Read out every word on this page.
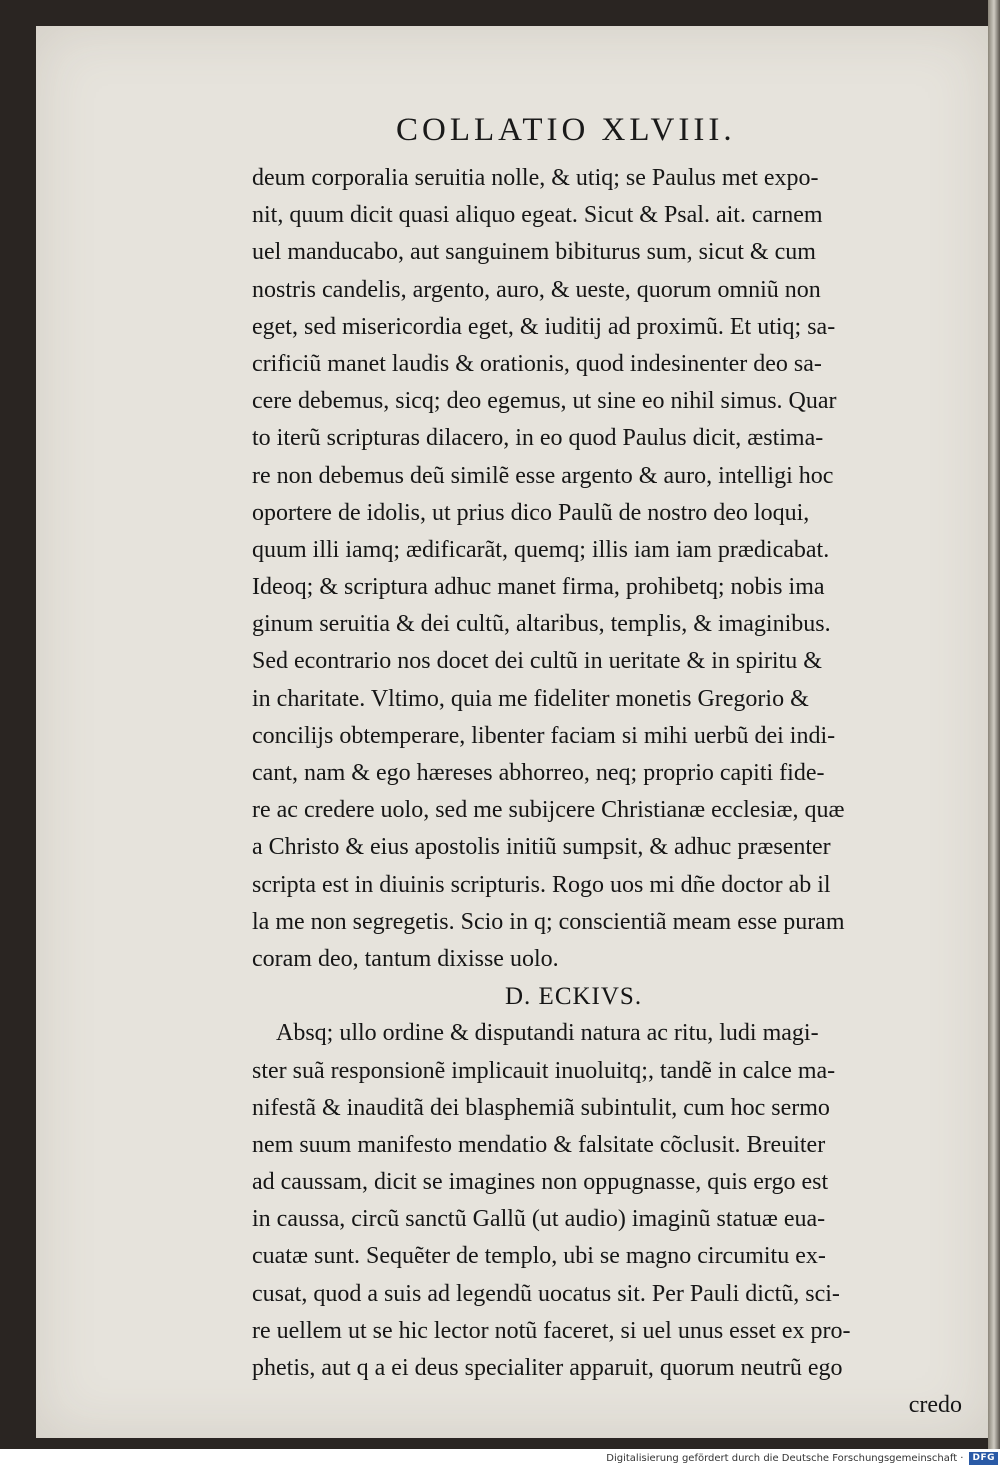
COLLATIO XLVIII.
deum corporalia seruitia nolle, & utiq; se Paulus met expo-
nit, quum dicit quasi aliquo egeat. Sicut & Psal. ait. carnem
uel manducabo, aut sanguinem bibiturus sum, sicut & cum
nostris candelis, argento, auro, & ueste, quorum omniũ non
eget, sed misericordia eget, & iuditij ad proximũ. Et utiq; sa-
crificiũ manet laudis & orationis, quod indesinenter deo sa-
cere debemus, sicq; deo egemus, ut sine eo nihil simus. Quar
to iterũ scripturas dilacero, in eo quod Paulus dicit, æstima-
re non debemus deũ similẽ esse argento & auro, intelligi hoc
oportere de idolis, ut prius dico Paulũ de nostro deo loqui,
quum illi iamq; ædificarãt, quemq; illis iam iam prædicabat.
Ideoq; & scriptura adhuc manet firma, prohibetq; nobis ima
ginum seruitia & dei cultũ, altaribus, templis, & imaginibus.
Sed econtrario nos docet dei cultũ in ueritate & in spiritu &
in charitate. Vltimo, quia me fideliter monetis Gregorio &
concilijs obtemperare, libenter faciam si mihi uerbũ dei indi-
cant, nam & ego hæreses abhorreo, neq; proprio capiti fide-
re ac credere uolo, sed me subijcere Christianæ ecclesiæ, quæ
a Christo & eius apostolis initiũ sumpsit, & adhuc præsenter
scripta est in diuinis scripturis. Rogo uos mi dñe doctor ab il
la me non segregetis. Scio in q; conscientiã meam esse puram
coram deo, tantum dixisse uolo.
D. ECKIVS.
Absq; ullo ordine & disputandi natura ac ritu, ludi magi-
ster suã responsionẽ implicauit inuoluitq;, tandẽ in calce ma-
nifestã & inauditã dei blasphemiã subintulit, cum hoc sermo
nem suum manifesto mendatio & falsitate cõclusit. Breuiter
ad caussam, dicit se imagines non oppugnasse, quis ergo est
in caussa, circũ sanctũ Gallũ (ut audio) imaginũ statuæ eua-
cuatæ sunt. Sequẽter de templo, ubi se magno circumitu ex-
cusat, quod a suis ad legendũ uocatus sit. Per Pauli dictũ, sci-
re uellem ut se hic lector notũ faceret, si uel unus esset ex pro-
phetis, aut q a ei deus specialiter apparuit, quorum neutrũ ego
credo
Digitalisierung gefördert durch die Deutsche Forschungsgemeinschaft · DFG
